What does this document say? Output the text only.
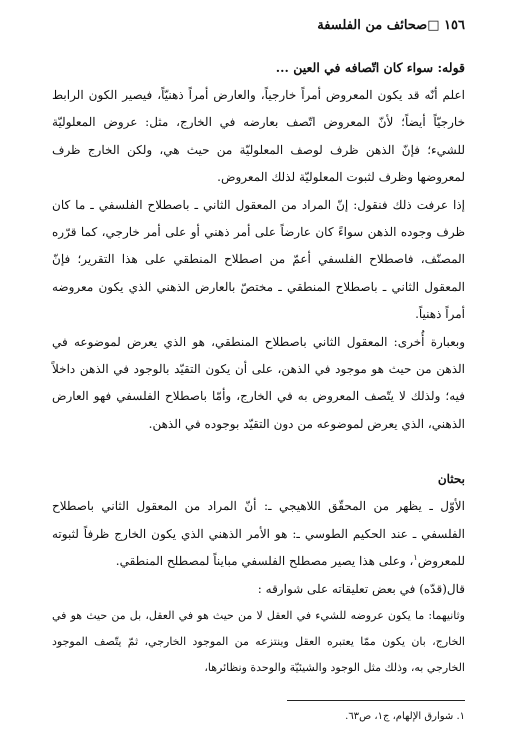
١٥٦ □صحائف من الفلسفة

قوله: سواء كان اتّصافه في العين ...

اعلم أنّه قد يكون المعروض أمراً خارجياً، والعارض أمراً ذهنيّاً، فيصير الكون الرابط خارجيّاً أيضاً؛ لأنّ المعروض اتّصف بعارضه في الخارج، مثل: عروض المعلوليّة للشيء؛ فإنّ الذهن ظرف لوصف المعلوليّة من حيث هي، ولكن الخارج ظرف لمعروضها وظرف لثبوت المعلوليّة لذلك المعروض.

إذا عرفت ذلك فنقول: إنّ المراد من المعقول الثاني ـ باصطلاح الفلسفي ـ ما كان ظرف وجوده الذهن سواءً كان عارضاً على أمر ذهني أو على أمر خارجي، كما قرّره المصنّف، فاصطلاح الفلسفي أعمّ من اصطلاح المنطقي على هذا التقرير؛ فإنّ المعقول الثاني ـ باصطلاح المنطقي ـ مختصّ بالعارض الذهني الذي يكون معروضه أمراً ذهنياً.

وبعبارة أُخرى: المعقول الثاني باصطلاح المنطقي، هو الذي يعرض لموضوعه في الذهن من حيث هو موجود في الذهن، على أن يكون التقيّد بالوجود في الذهن داخلاً فيه؛ ولذلك لا يتّصف المعروض به في الخارج، وأمّا باصطلاح الفلسفي فهو العارض الذهني، الذي يعرض لموضوعه من دون التقيّد بوجوده في الذهن.

بحثان

الأوّل ـ يظهر من المحقّق اللاهيجي ـ: أنّ المراد من المعقول الثاني باصطلاح الفلسفي ـ عند الحكيم الطوسي ـ: هو الأمر الذهني الذي يكون الخارج ظرفاً لثبوته للمعروض$^١$، وعلى هذا يصير مصطلح الفلسفي مبايناً لمصطلح المنطقي.

قال(قدّه) في بعض تعليقاته على شوارقه :

وثانيهما: ما يكون عروضه للشيء في العقل لا من حيث هو في العقل، بل من حيث هو في الخارج، بان يكون ممّا يعتبره العقل وينتزعه من الموجود الخارجي، ثمّ يتّصف الموجود الخارجي به، وذلك مثل الوجود والشيئيّة والوحدة ونظائرها،

١. شوارق الإلهام، ج١، ص٦٣.
